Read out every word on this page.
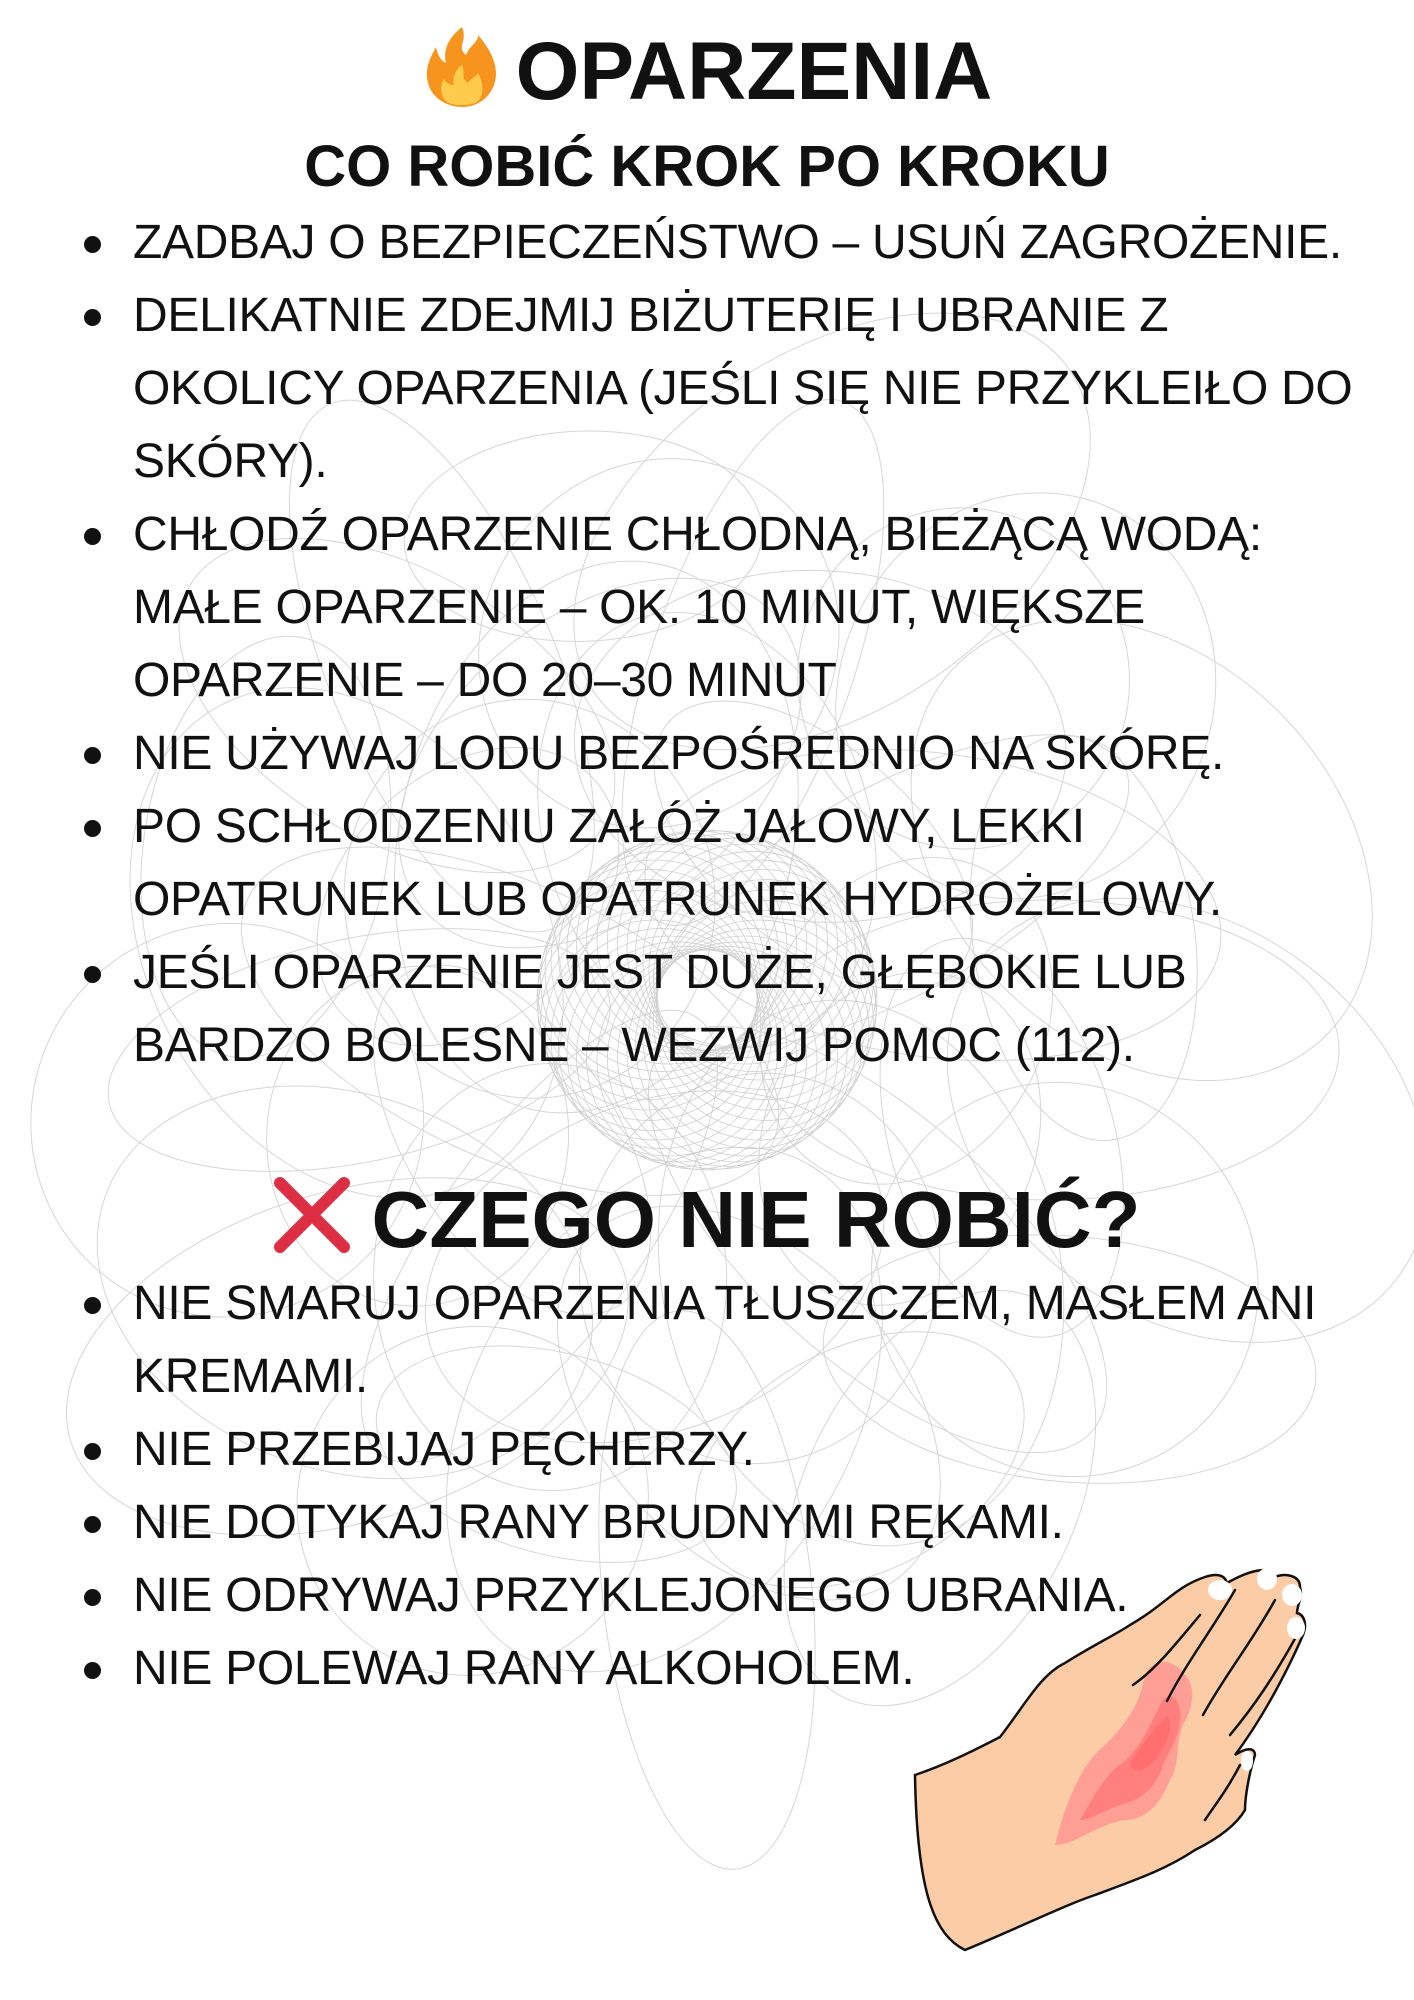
OPARZENIA
CO ROBIĆ KROK PO KROKU
ZADBAJ O BEZPIECZEŃSTWO – USUŃ ZAGROŻENIE.
DELIKATNIE ZDEJMIJ BIŻUTERIĘ I UBRANIE Z
OKOLICY OPARZENIA (JEŚLI SIĘ NIE PRZYKLEIŁO DO
SKÓRY).
CHŁODŹ OPARZENIE CHŁODNĄ, BIEŻĄCĄ WODĄ:
MAŁE OPARZENIE – OK. 10 MINUT, WIĘKSZE
OPARZENIE – DO 20–30 MINUT
NIE UŻYWAJ LODU BEZPOŚREDNIO NA SKÓRĘ.
PO SCHŁODZENIU ZAŁÓŻ JAŁOWY, LEKKI
OPATRUNEK LUB OPATRUNEK HYDROŻELOWY.
JEŚLI OPARZENIE JEST DUŻE, GŁĘBOKIE LUB
BARDZO BOLESNE – WEZWIJ POMOC (112).
CZEGO NIE ROBIĆ?
NIE SMARUJ OPARZENIA TŁUSZCZEM, MASŁEM ANI
KREMAMI.
NIE PRZEBIJAJ PĘCHERZY.
NIE DOTYKAJ RANY BRUDNYMI RĘKAMI.
NIE ODRYWAJ PRZYKLEJONEGO UBRANIA.
NIE POLEWAJ RANY ALKOHOLEM.
